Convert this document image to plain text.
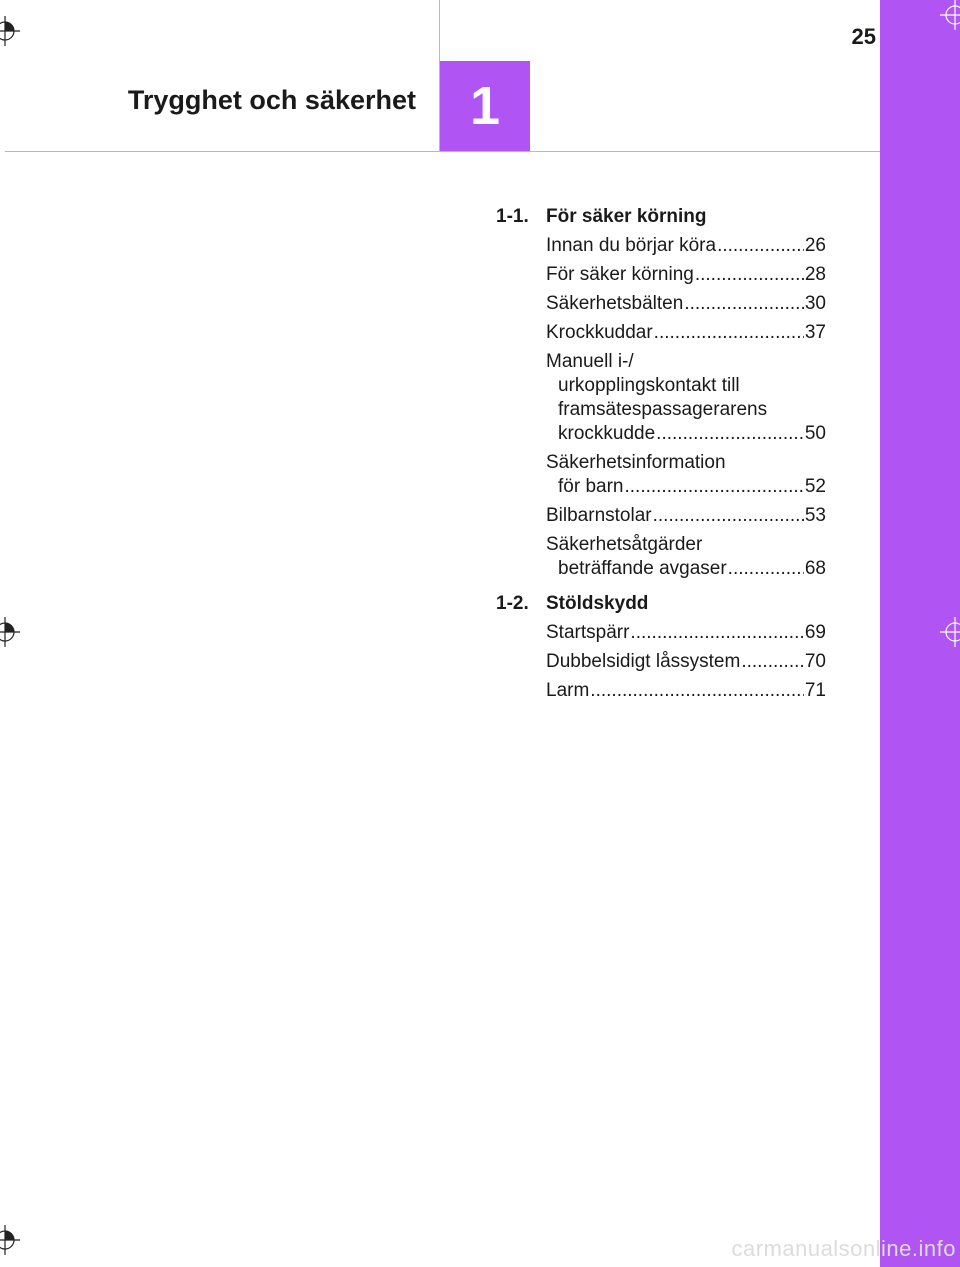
1
Trygghet och säkerhet
25
1-1. För säker körning
Innan du börjar köra .....	26
För säker körning .....	28
Säkerhetsbälten .....	30
Krockkuddar .....	37
Manuell i-/
urkopplingskontakt till
framsätespassagerarens
krockkudde .....	50
Säkerhetsinformation
för barn .....	52
Bilbarnstolar .....	53
Säkerhetsåtgärder
beträffande avgaser .....	68
1-2. Stöldskydd
Startspärr .....	69
Dubbelsidigt låssystem .....	70
Larm .....	71
carmanualsonline.info
